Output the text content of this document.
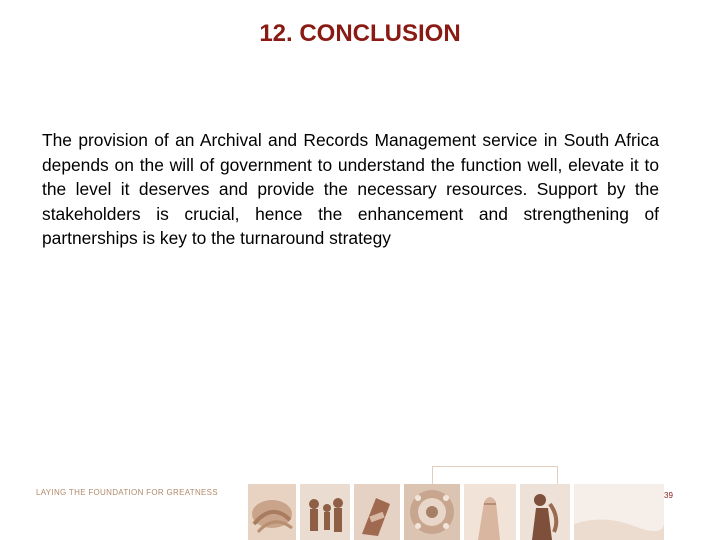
12. CONCLUSION
The provision of an Archival and Records Management service in South Africa depends on the will of government to understand the function well, elevate it to the level it deserves and provide the necessary resources. Support by the stakeholders is crucial, hence the enhancement and strengthening of partnerships is key to the turnaround strategy
LAYING THE FOUNDATION FOR GREATNESS	39
